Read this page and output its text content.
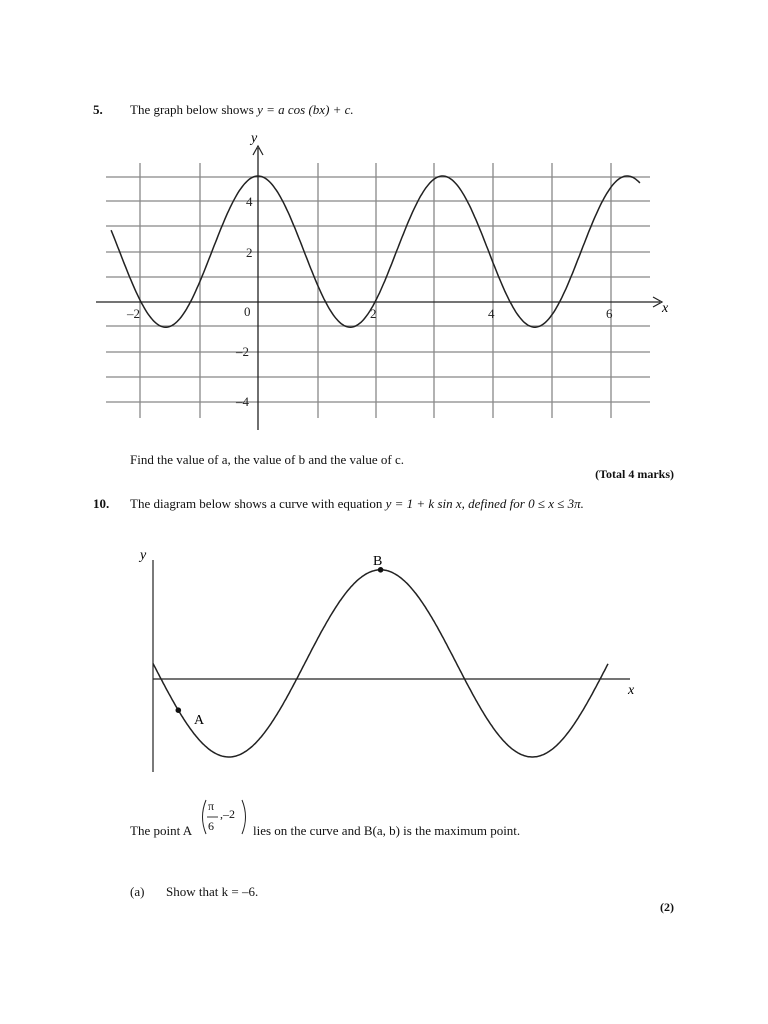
5. The graph below shows y = a cos (bx) + c.
y
x
–2	0	2	4	6
4
2
–2
–4
Find the value of a, the value of b and the value of c.
(Total 4 marks)
10. The diagram below shows a curve with equation y = 1 + k sin x, defined for 0 ≤ x ≤ 3π.
y
x
A
B
The point A
π
6
,–2
lies on the curve and B(a, b) is the maximum point.
(a) Show that k = –6.
(2)
